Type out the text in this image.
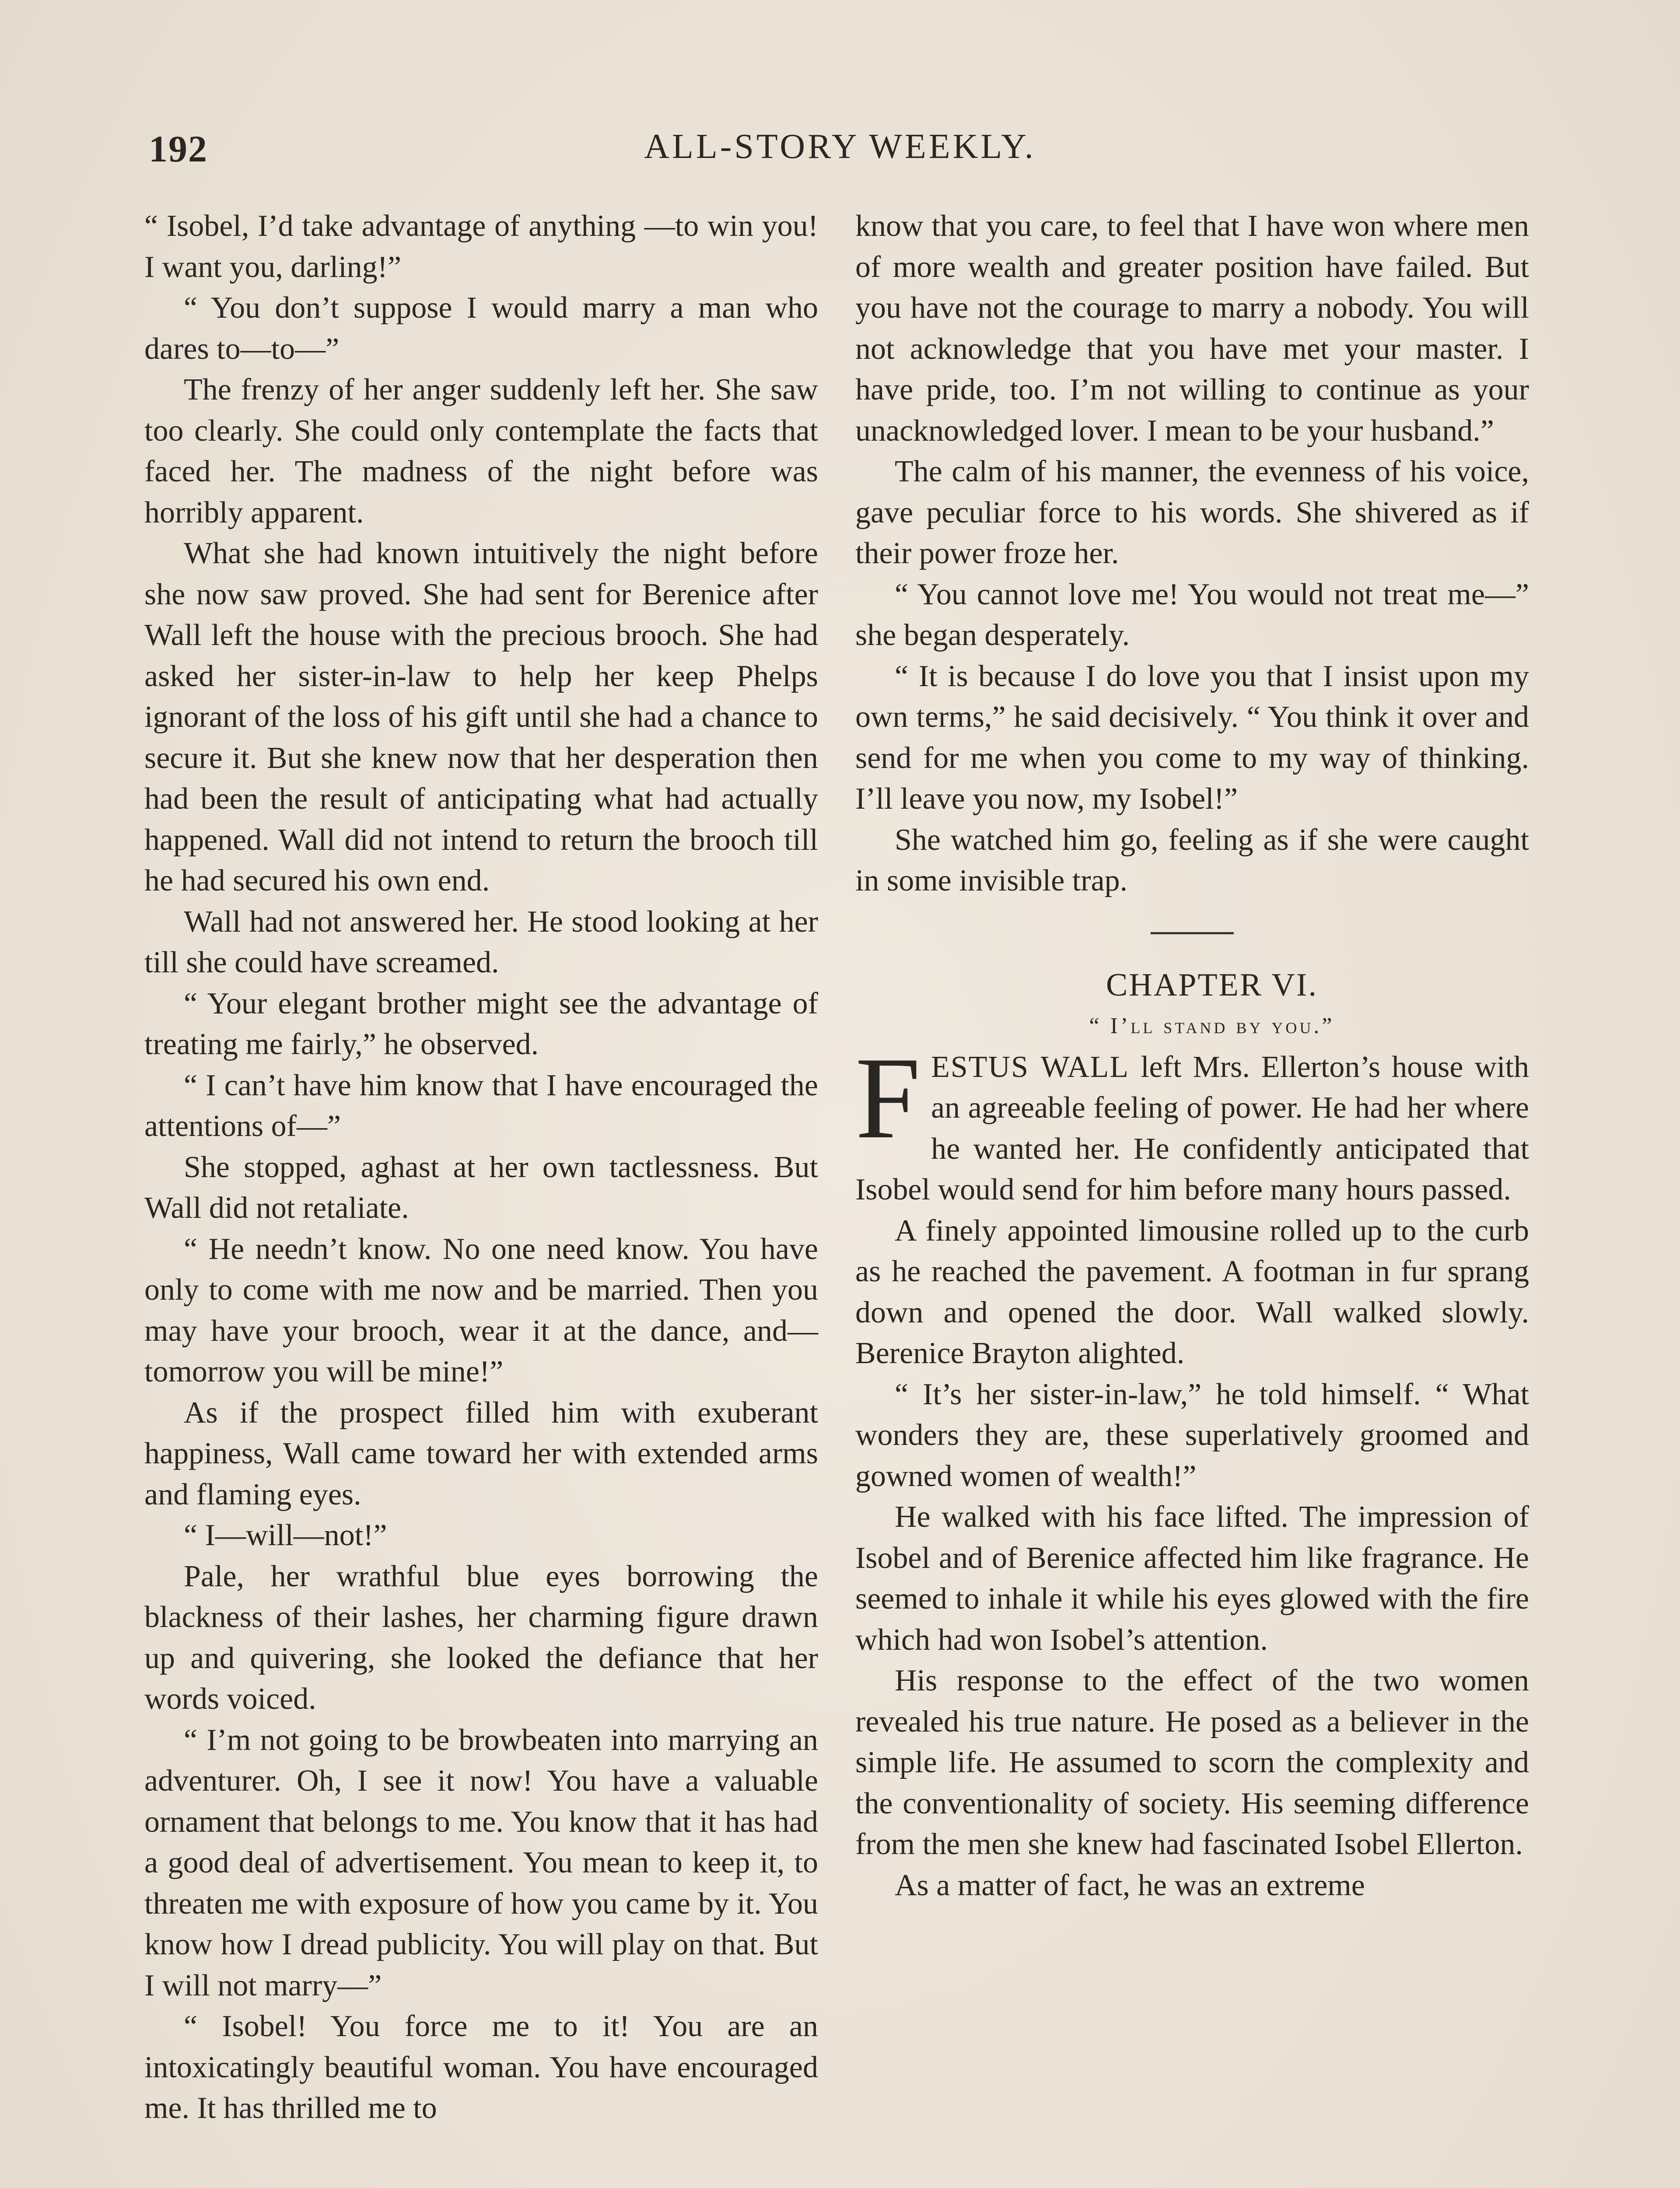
192	ALL-STORY WEEKLY.

“ Isobel, I’d take advantage of anything —to win you! I want you, darling!”

“ You don’t suppose I would marry a man who dares to—to—”

The frenzy of her anger suddenly left her. She saw too clearly. She could only contemplate the facts that faced her. The madness of the night before was horribly apparent.

What she had known intuitively the night before she now saw proved. She had sent for Berenice after Wall left the house with the precious brooch. She had asked her sister-in-law to help her keep Phelps ignorant of the loss of his gift until she had a chance to secure it. But she knew now that her desperation then had been the result of anticipating what had actually happened. Wall did not intend to return the brooch till he had secured his own end.

Wall had not answered her. He stood looking at her till she could have screamed.

“ Your elegant brother might see the advantage of treating me fairly,” he observed.

“ I can’t have him know that I have encouraged the attentions of—”

She stopped, aghast at her own tactlessness. But Wall did not retaliate.

“ He needn’t know. No one need know. You have only to come with me now and be married. Then you may have your brooch, wear it at the dance, and—tomorrow you will be mine!”

As if the prospect filled him with exuberant happiness, Wall came toward her with extended arms and flaming eyes.

“ I—will—not!”

Pale, her wrathful blue eyes borrowing the blackness of their lashes, her charming figure drawn up and quivering, she looked the defiance that her words voiced.

“ I’m not going to be browbeaten into marrying an adventurer. Oh, I see it now! You have a valuable ornament that belongs to me. You know that it has had a good deal of advertisement. You mean to keep it, to threaten me with exposure of how you came by it. You know how I dread publicity. You will play on that. But I will not marry—”

“ Isobel! You force me to it! You are an intoxicatingly beautiful woman. You have encouraged me. It has thrilled me to

know that you care, to feel that I have won where men of more wealth and greater position have failed. But you have not the courage to marry a nobody. You will not acknowledge that you have met your master. I have pride, too. I’m not willing to continue as your unacknowledged lover. I mean to be your husband.”

The calm of his manner, the evenness of his voice, gave peculiar force to his words. She shivered as if their power froze her.

“ You cannot love me! You would not treat me—” she began desperately.

“ It is because I do love you that I insist upon my own terms,” he said decisively. “ You think it over and send for me when you come to my way of thinking. I’ll leave you now, my Isobel!”

She watched him go, feeling as if she were caught in some invisible trap.

CHAPTER VI.

“ I’ll stand by you.”

F ESTUS WALL left Mrs. Ellerton’s house with an agreeable feeling of power. He had her where he wanted her. He confidently anticipated that Isobel would send for him before many hours passed.

A finely appointed limousine rolled up to the curb as he reached the pavement. A footman in fur sprang down and opened the door. Wall walked slowly. Berenice Brayton alighted.

“ It’s her sister-in-law,” he told himself. “ What wonders they are, these superlatively groomed and gowned women of wealth!”

He walked with his face lifted. The impression of Isobel and of Berenice affected him like fragrance. He seemed to inhale it while his eyes glowed with the fire which had won Isobel’s attention.

His response to the effect of the two women revealed his true nature. He posed as a believer in the simple life. He assumed to scorn the complexity and the conventionality of society. His seeming difference from the men she knew had fascinated Isobel Ellerton.

As a matter of fact, he was an extreme
